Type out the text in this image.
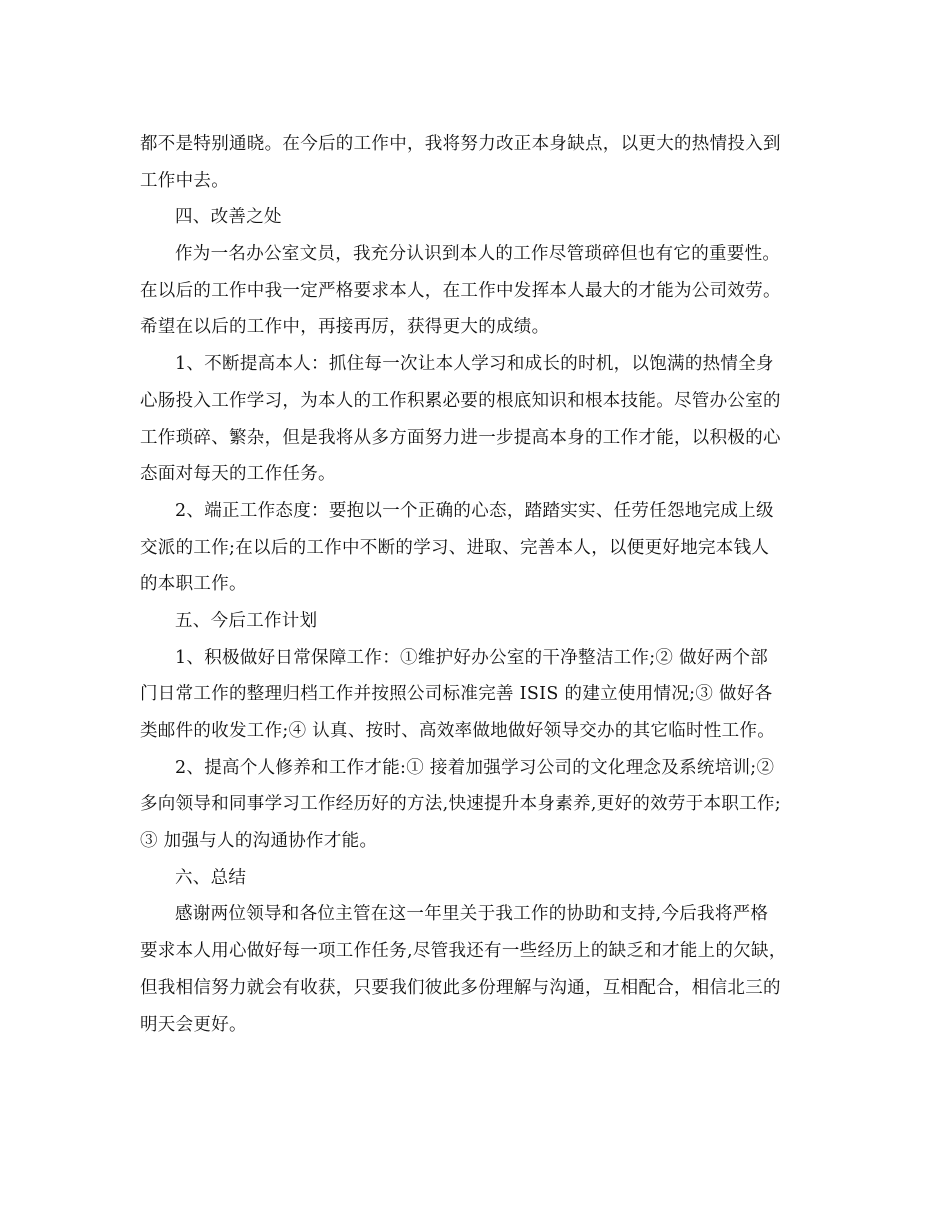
都不是特别通晓。在今后的工作中，我将努力改正本身缺点，以更大的热情投入到
工作中去。
四、改善之处
作为一名办公室文员，我充分认识到本人的工作尽管琐碎但也有它的重要性。
在以后的工作中我一定严格要求本人，在工作中发挥本人最大的才能为公司效劳。
希望在以后的工作中，再接再厉，获得更大的成绩。
1、不断提高本人：抓住每一次让本人学习和成长的时机，以饱满的热情全身
心肠投入工作学习，为本人的工作积累必要的根底知识和根本技能。尽管办公室的
工作琐碎、繁杂，但是我将从多方面努力进一步提高本身的工作才能，以积极的心
态面对每天的工作任务。
2、端正工作态度：要抱以一个正确的心态，踏踏实实、任劳任怨地完成上级
交派的工作;在以后的工作中不断的学习、进取、完善本人，以便更好地完本钱人
的本职工作。
五、今后工作计划
1、积极做好日常保障工作：①维护好办公室的干净整洁工作;② 做好两个部
门日常工作的整理归档工作并按照公司标准完善 ISIS 的建立使用情况;③ 做好各
类邮件的收发工作;④ 认真、按时、高效率做地做好领导交办的其它临时性工作。
2、提高个人修养和工作才能:① 接着加强学习公司的文化理念及系统培训;②
多向领导和同事学习工作经历好的方法,快速提升本身素养,更好的效劳于本职工作;
③ 加强与人的沟通协作才能。
六、总结
感谢两位领导和各位主管在这一年里关于我工作的协助和支持,今后我将严格
要求本人用心做好每一项工作任务,尽管我还有一些经历上的缺乏和才能上的欠缺，
但我相信努力就会有收获，只要我们彼此多份理解与沟通，互相配合，相信北三的
明天会更好。
